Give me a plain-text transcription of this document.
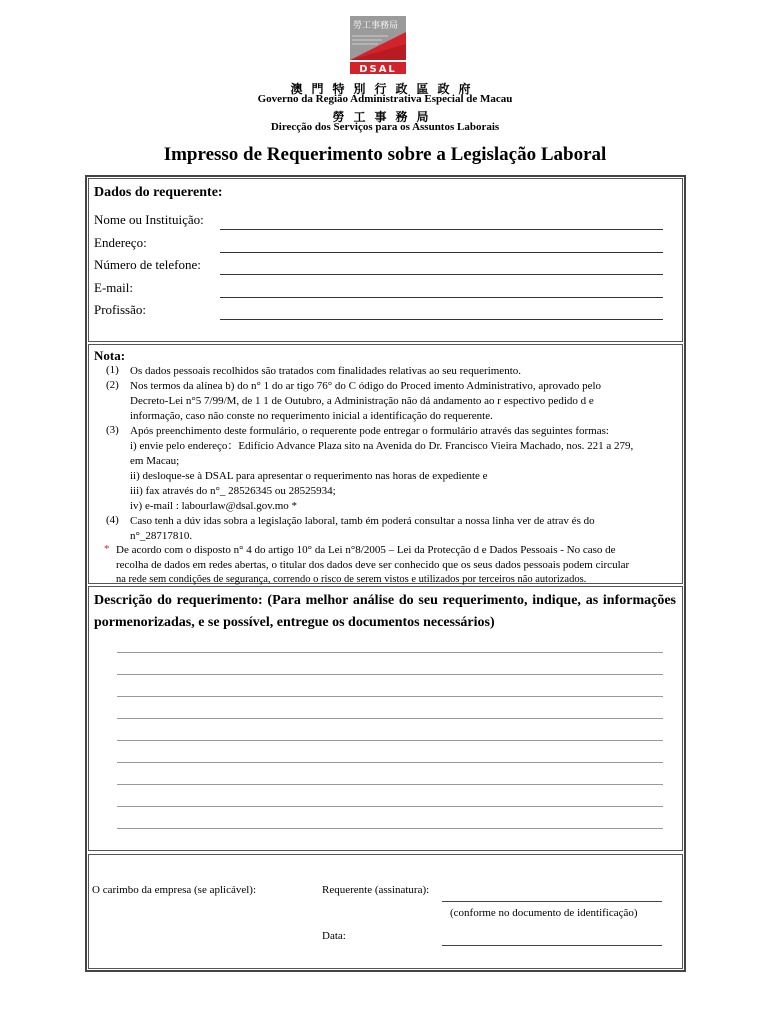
勞工事務局
DSAL
澳門特別行政區政府
Governo da Região Administrativa Especial de Macau
勞工事務局
Direcção dos Serviços para os Assuntos Laborais
Impresso de Requerimento sobre a Legislação Laboral
Dados do requerente:
Nome ou Instituição:
Endereço:
Número de telefone:
E-mail:
Profissão:
Nota:
(1) Os dados pessoais recolhidos são tratados com finalidades relativas ao seu requerimento.
(2) Nos termos da alínea b) do n° 1 do ar tigo 76° do C ódigo do Proced imento Administrativo, aprovado pelo
Decreto-Lei n°5 7/99/M, de 1 1 de Outubro, a Administração não dá andamento ao r espectivo pedido d e
informação, caso não conste no requerimento inicial a identificação do requerente.
(3) Após preenchimento deste formulário, o requerente pode entregar o formulário através das seguintes formas:
i) envie pelo endereço：Edifício Advance Plaza sito na Avenida do Dr. Francisco Vieira Machado, nos. 221 a 279,
em Macau;
ii) desloque-se à DSAL para apresentar o requerimento nas horas de expediente e
iii) fax através do n°_ 28526345 ou 28525934;
iv) e-mail : labourlaw@dsal.gov.mo *
(4) Caso tenh a dúv idas sobra a legislação laboral, tamb ém poderá consultar a nossa linha ver de atrav és do
n°_28717810.
* De acordo com o disposto n° 4 do artigo 10° da Lei n°8/2005 – Lei da Protecção d e Dados Pessoais - No caso de
recolha de dados em redes abertas, o titular dos dados deve ser conhecido que os seus dados pessoais podem circular
na rede sem condições de segurança, correndo o risco de serem vistos e utilizados por terceiros não autorizados.
Descrição do requerimento: (Para melhor análise do seu requerimento, indique, as informações pormenorizadas, e se possível, entregue os documentos necessários)
O carimbo da empresa (se aplicável):	Requerente (assinatura):
(conforme no documento de identificação)
Data:
